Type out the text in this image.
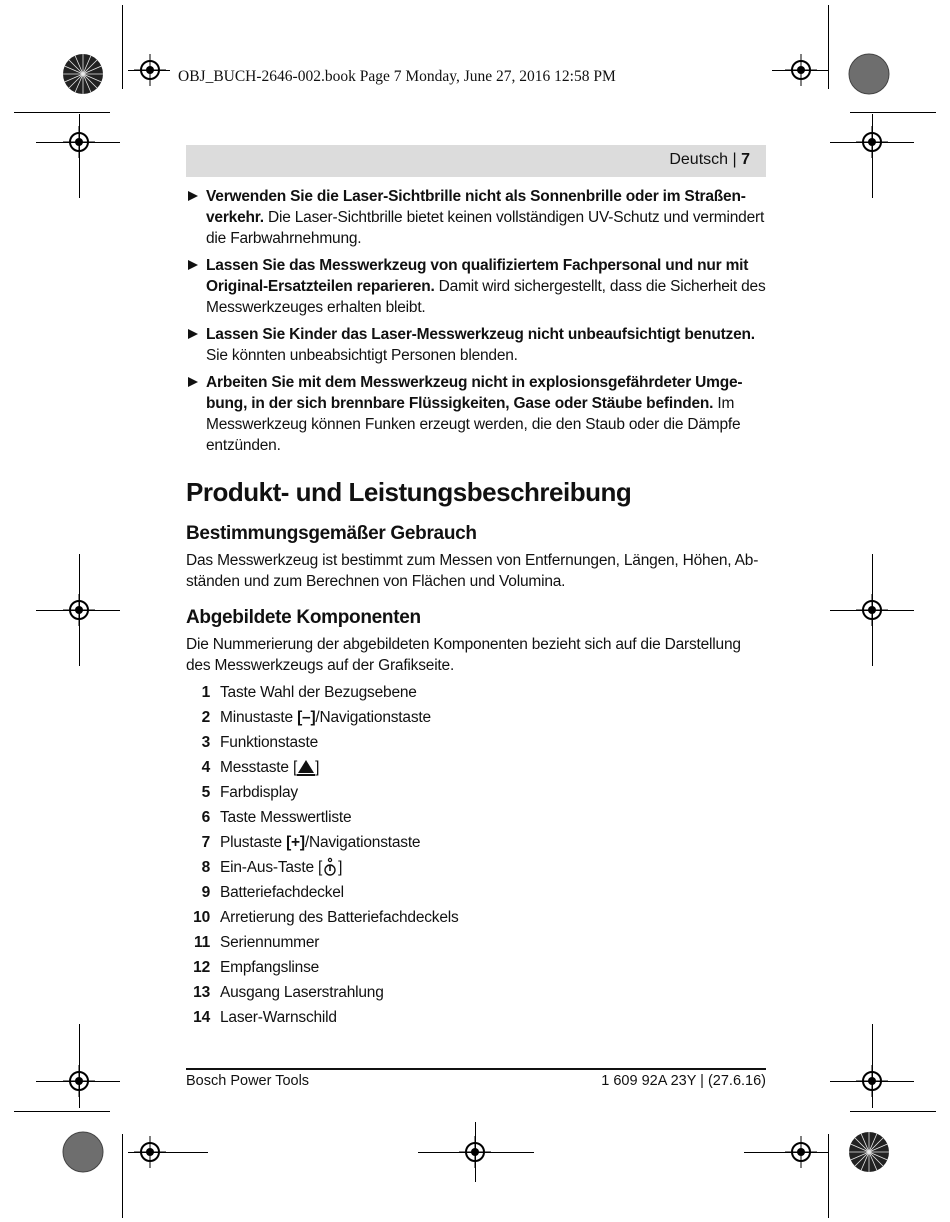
OBJ_BUCH-2646-002.book Page 7 Monday, June 27, 2016 12:58 PM
Deutsch | 7
Verwenden Sie die Laser-Sichtbrille nicht als Sonnenbrille oder im Straßenverkehr. Die Laser-Sichtbrille bietet keinen vollständigen UV-Schutz und vermindert die Farbwahrnehmung.
Lassen Sie das Messwerkzeug von qualifiziertem Fachpersonal und nur mit Original-Ersatzteilen reparieren. Damit wird sichergestellt, dass die Sicherheit des Messwerkzeuges erhalten bleibt.
Lassen Sie Kinder das Laser-Messwerkzeug nicht unbeaufsichtigt benutzen. Sie könnten unbeabsichtigt Personen blenden.
Arbeiten Sie mit dem Messwerkzeug nicht in explosionsgefährdeter Umgebung, in der sich brennbare Flüssigkeiten, Gase oder Stäube befinden. Im Messwerkzeug können Funken erzeugt werden, die den Staub oder die Dämpfe entzünden.
Produkt- und Leistungsbeschreibung
Bestimmungsgemäßer Gebrauch

Das Messwerkzeug ist bestimmt zum Messen von Entfernungen, Längen, Höhen, Abständen und zum Berechnen von Flächen und Volumina.

Abgebildete Komponenten

Die Nummerierung der abgebildeten Komponenten bezieht sich auf die Darstellung des Messwerkzeugs auf der Grafikseite.

1 Taste Wahl der Bezugsebene
2 Minustaste [–]/Navigationstaste
3 Funktionstaste
4 Messtaste [ ]
5 Farbdisplay
6 Taste Messwertliste
7 Plustaste [+]/Navigationstaste
8 Ein-Aus-Taste [ ]
9 Batteriefachdeckel
10 Arretierung des Batteriefachdeckels
11 Seriennummer
12 Empfangslinse
13 Ausgang Laserstrahlung
14 Laser-Warnschild
Bosch Power Tools	1 609 92A 23Y | (27.6.16)
